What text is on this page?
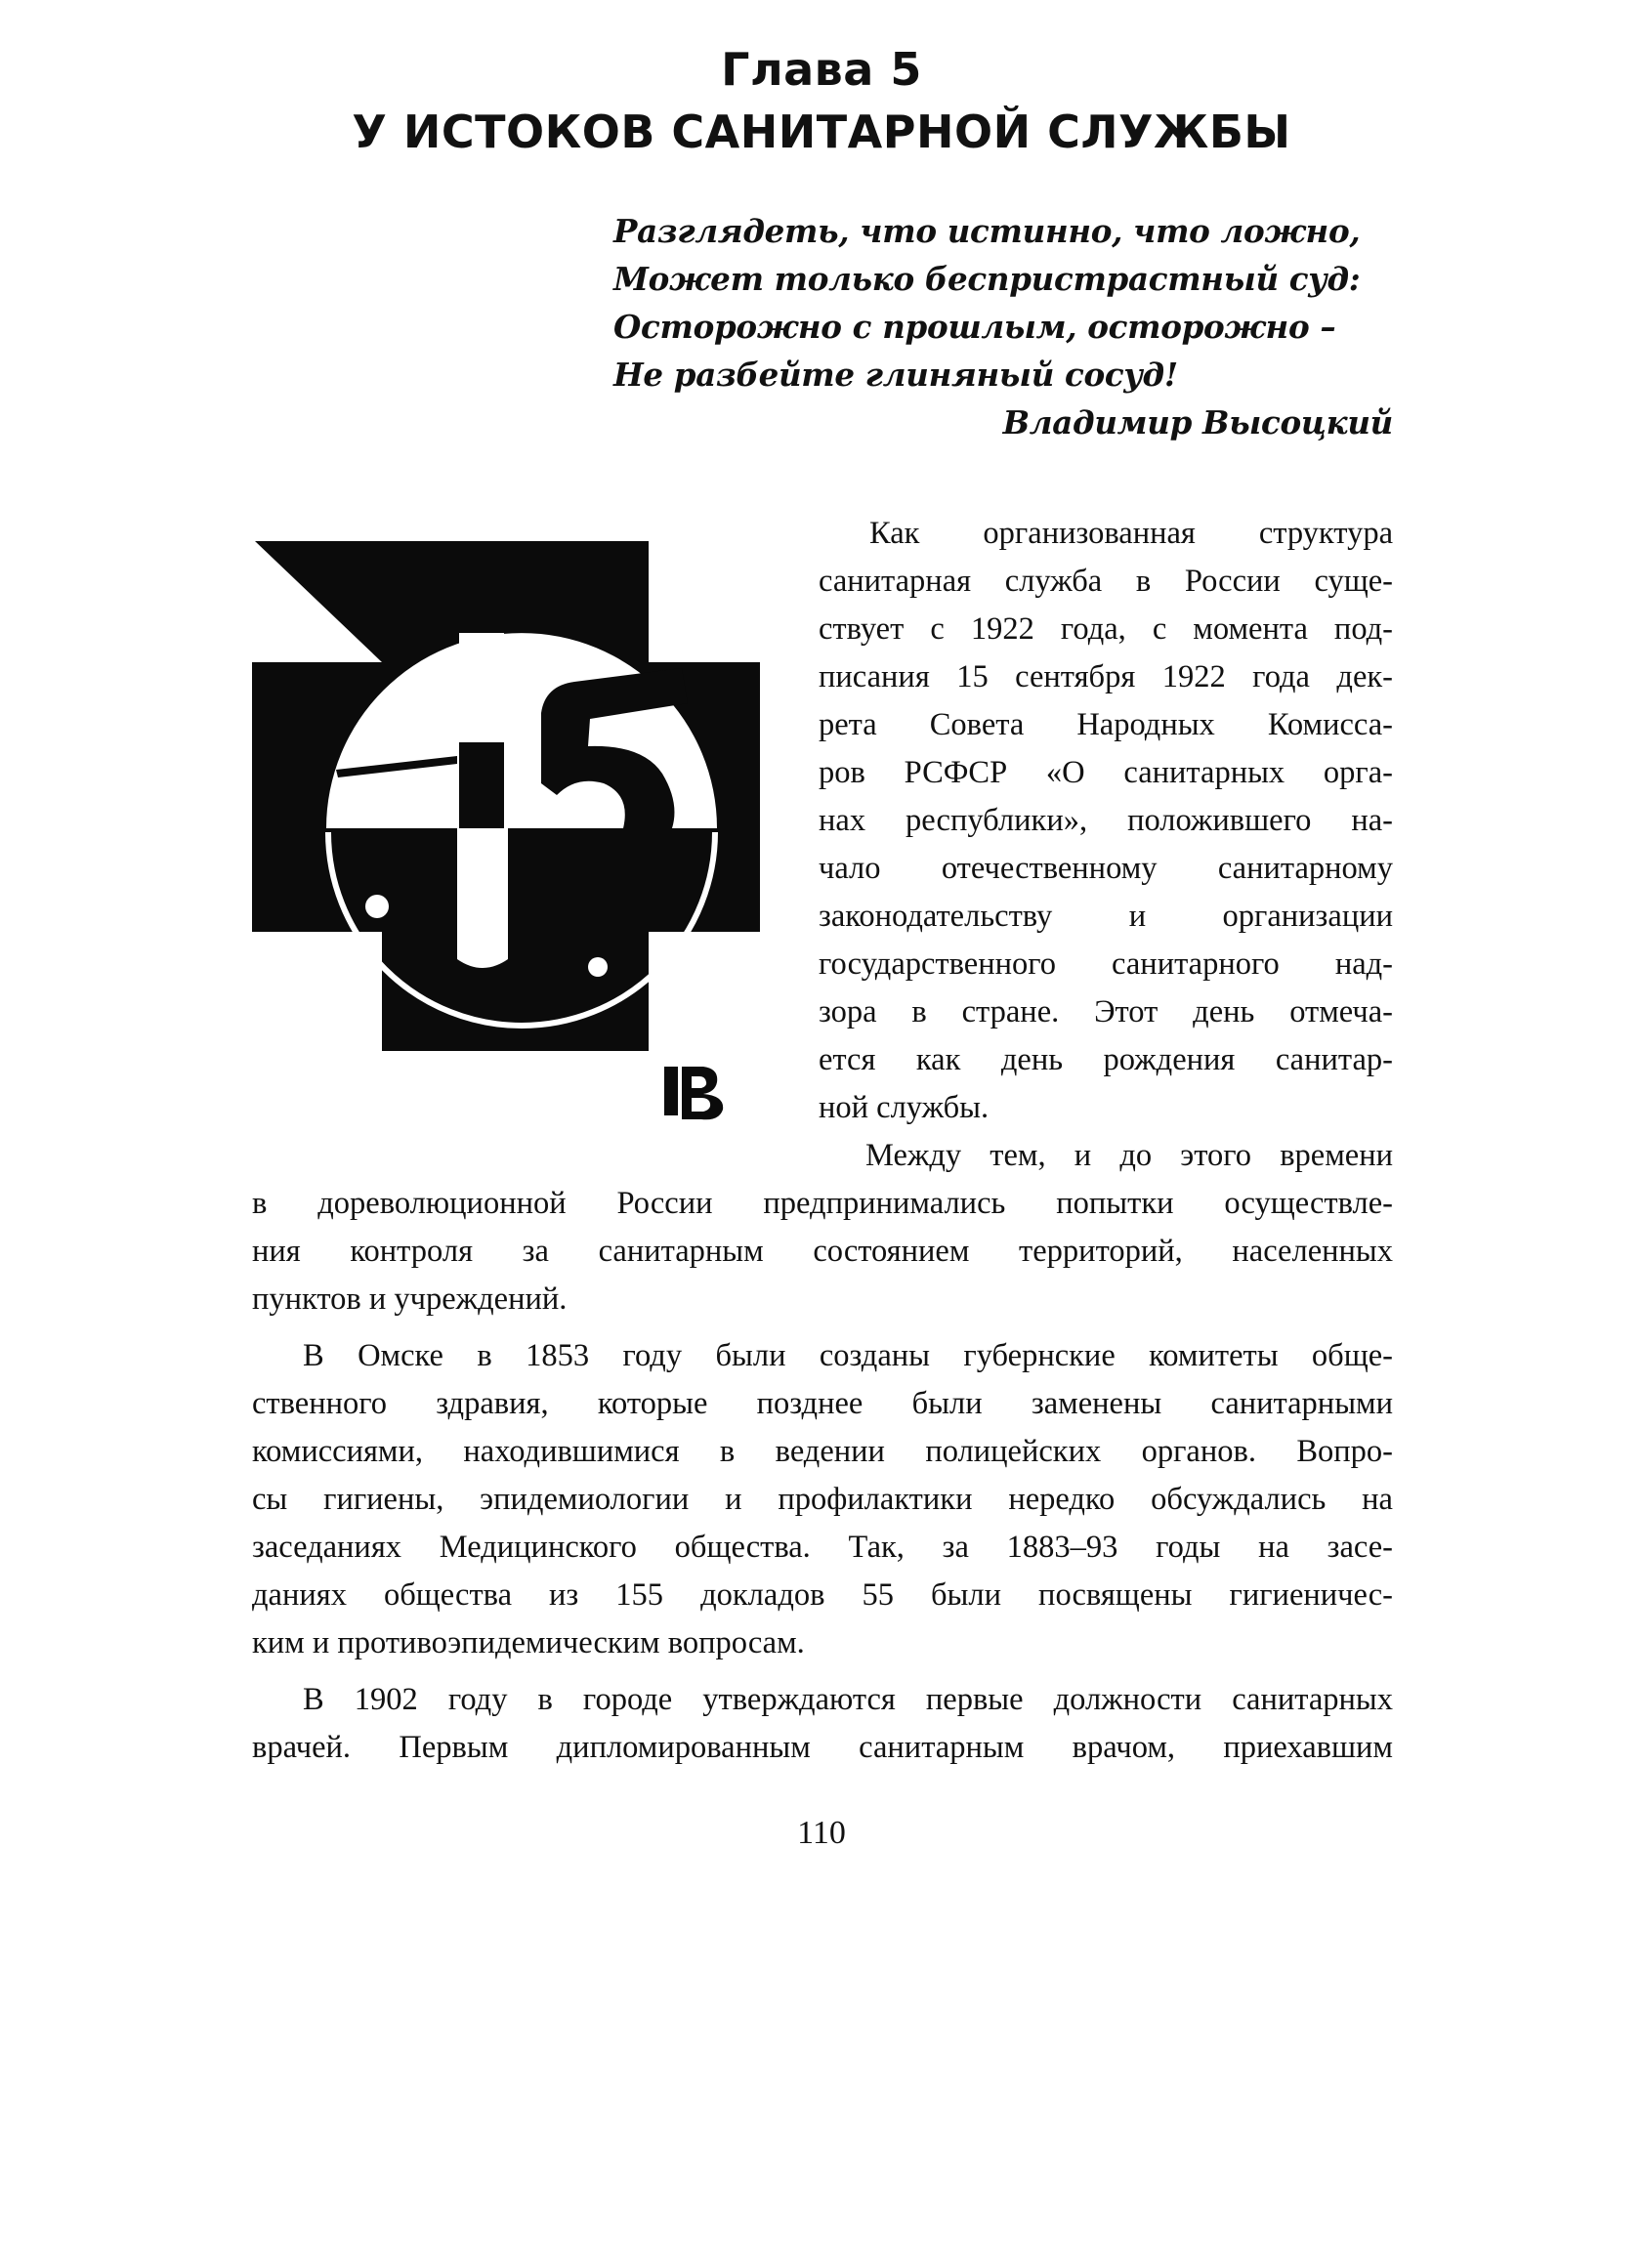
Глава 5
У ИСТОКОВ САНИТАРНОЙ СЛУЖБЫ
Разглядеть, что истинно, что ложно,
Может только беспристрастный суд:
Осторожно с прошлым, осторожно –
Не разбейте глиняный сосуд!
Владимир Высоцкий
Как организованная структура
санитарная служба в России суще-
ствует с 1922 года, с момента под-
писания 15 сентября 1922 года дек-
рета Совета Народных Комисса-
ров РСФСР «О санитарных орга-
нах республики», положившего на-
чало отечественному санитарному
законодательству и организации
государственного санитарного над-
зора в стране. Этот день отмеча-
ется как день рождения санитар-
ной службы.
Между тем, и до этого времени
в дореволюционной России предпринимались попытки осуществле-
ния контроля за санитарным состоянием территорий, населенных
пунктов и учреждений.
В Омске в 1853 году были созданы губернские комитеты обще-
ственного здравия, которые позднее были заменены санитарными
комиссиями, находившимися в ведении полицейских органов. Вопро-
сы гигиены, эпидемиологии и профилактики нередко обсуждались на
заседаниях Медицинского общества. Так, за 1883–93 годы на засе-
даниях общества из 155 докладов 55 были посвящены гигиеничес-
ким и противоэпидемическим вопросам.
В 1902 году в городе утверждаются первые должности санитарных
врачей. Первым дипломированным санитарным врачом, приехавшим
110
